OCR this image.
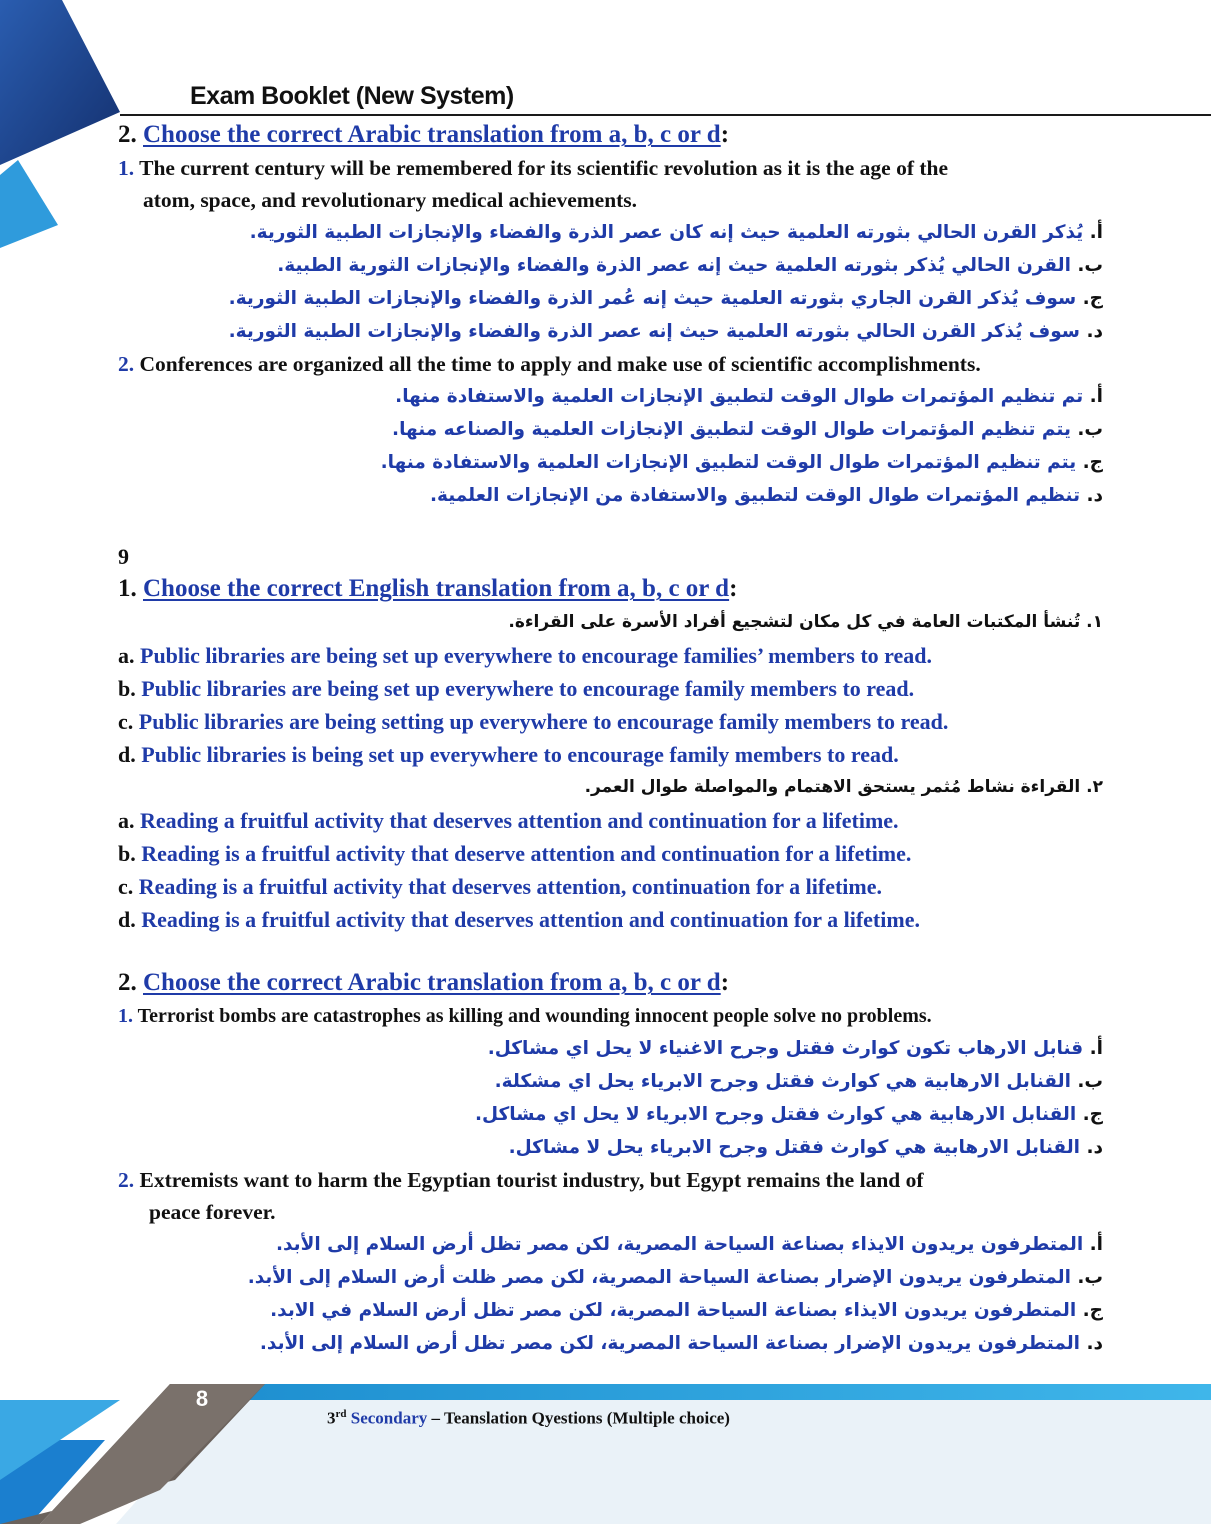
Exam Booklet (New System)
2. Choose the correct Arabic translation from a, b, c or d:
1. The current century will be remembered for its scientific revolution as it is the age of the
atom, space, and revolutionary medical achievements.
أ. يُذكر القرن الحالي بثورته العلمية حيث إنه كان عصر الذرة والفضاء والإنجازات الطبية الثورية.
ب. القرن الحالي يُذكر بثورته العلمية حيث إنه عصر الذرة والفضاء والإنجازات الثورية الطبية.
ج. سوف يُذكر القرن الجاري بثورته العلمية حيث إنه عُمر الذرة والفضاء والإنجازات الطبية الثورية.
د. سوف يُذكر القرن الحالي بثورته العلمية حيث إنه عصر الذرة والفضاء والإنجازات الطبية الثورية.
2. Conferences are organized all the time to apply and make use of scientific accomplishments.
أ. تم تنظيم المؤتمرات طوال الوقت لتطبيق الإنجازات العلمية والاستفادة منها.
ب. يتم تنظيم المؤتمرات طوال الوقت لتطبيق الإنجازات العلمية والصناعه منها.
ج. يتم تنظيم المؤتمرات طوال الوقت لتطبيق الإنجازات العلمية والاستفادة منها.
د. تنظيم المؤتمرات طوال الوقت لتطبيق والاستفادة من الإنجازات العلمية.
9
1. Choose the correct English translation from a, b, c or d:
١. تُنشأ المكتبات العامة في كل مكان لتشجيع أفراد الأسرة على القراءة.
a. Public libraries are being set up everywhere to encourage families’ members to read.
b. Public libraries are being set up everywhere to encourage family members to read.
c. Public libraries are being setting up everywhere to encourage family members to read.
d. Public libraries is being set up everywhere to encourage family members to read.
٢. القراءة نشاط مُثمر يستحق الاهتمام والمواصلة طوال العمر.
a. Reading a fruitful activity that deserves attention and continuation for a lifetime.
b. Reading is a fruitful activity that deserve attention and continuation for a lifetime.
c. Reading is a fruitful activity that deserves attention, continuation for a lifetime.
d. Reading is a fruitful activity that deserves attention and continuation for a lifetime.
2. Choose the correct Arabic translation from a, b, c or d:
1. Terrorist bombs are catastrophes as killing and wounding innocent people solve no problems.
أ. قنابل الارهاب تكون كوارث فقتل وجرح الاغنياء لا يحل اي مشاكل.
ب. القنابل الارهابية هي كوارث فقتل وجرح الابرياء يحل اي مشكلة.
ج. القنابل الارهابية هي كوارث فقتل وجرح الابرياء لا يحل اي مشاكل.
د. القنابل الارهابية هي كوارث فقتل وجرح الابرياء يحل لا مشاكل.
2. Extremists want to harm the Egyptian tourist industry, but Egypt remains the land of
peace forever.
أ. المتطرفون يريدون الايذاء بصناعة السياحة المصرية، لكن مصر تظل أرض السلام إلى الأبد.
ب. المتطرفون يريدون الإضرار بصناعة السياحة المصرية، لكن مصر ظلت أرض السلام إلى الأبد.
ج. المتطرفون يريدون الايذاء بصناعة السياحة المصرية، لكن مصر تظل أرض السلام في الابد.
د. المتطرفون يريدون الإضرار بصناعة السياحة المصرية، لكن مصر تظل أرض السلام إلى الأبد.
8
3rd Secondary – Teanslation Qyestions (Multiple choice)
